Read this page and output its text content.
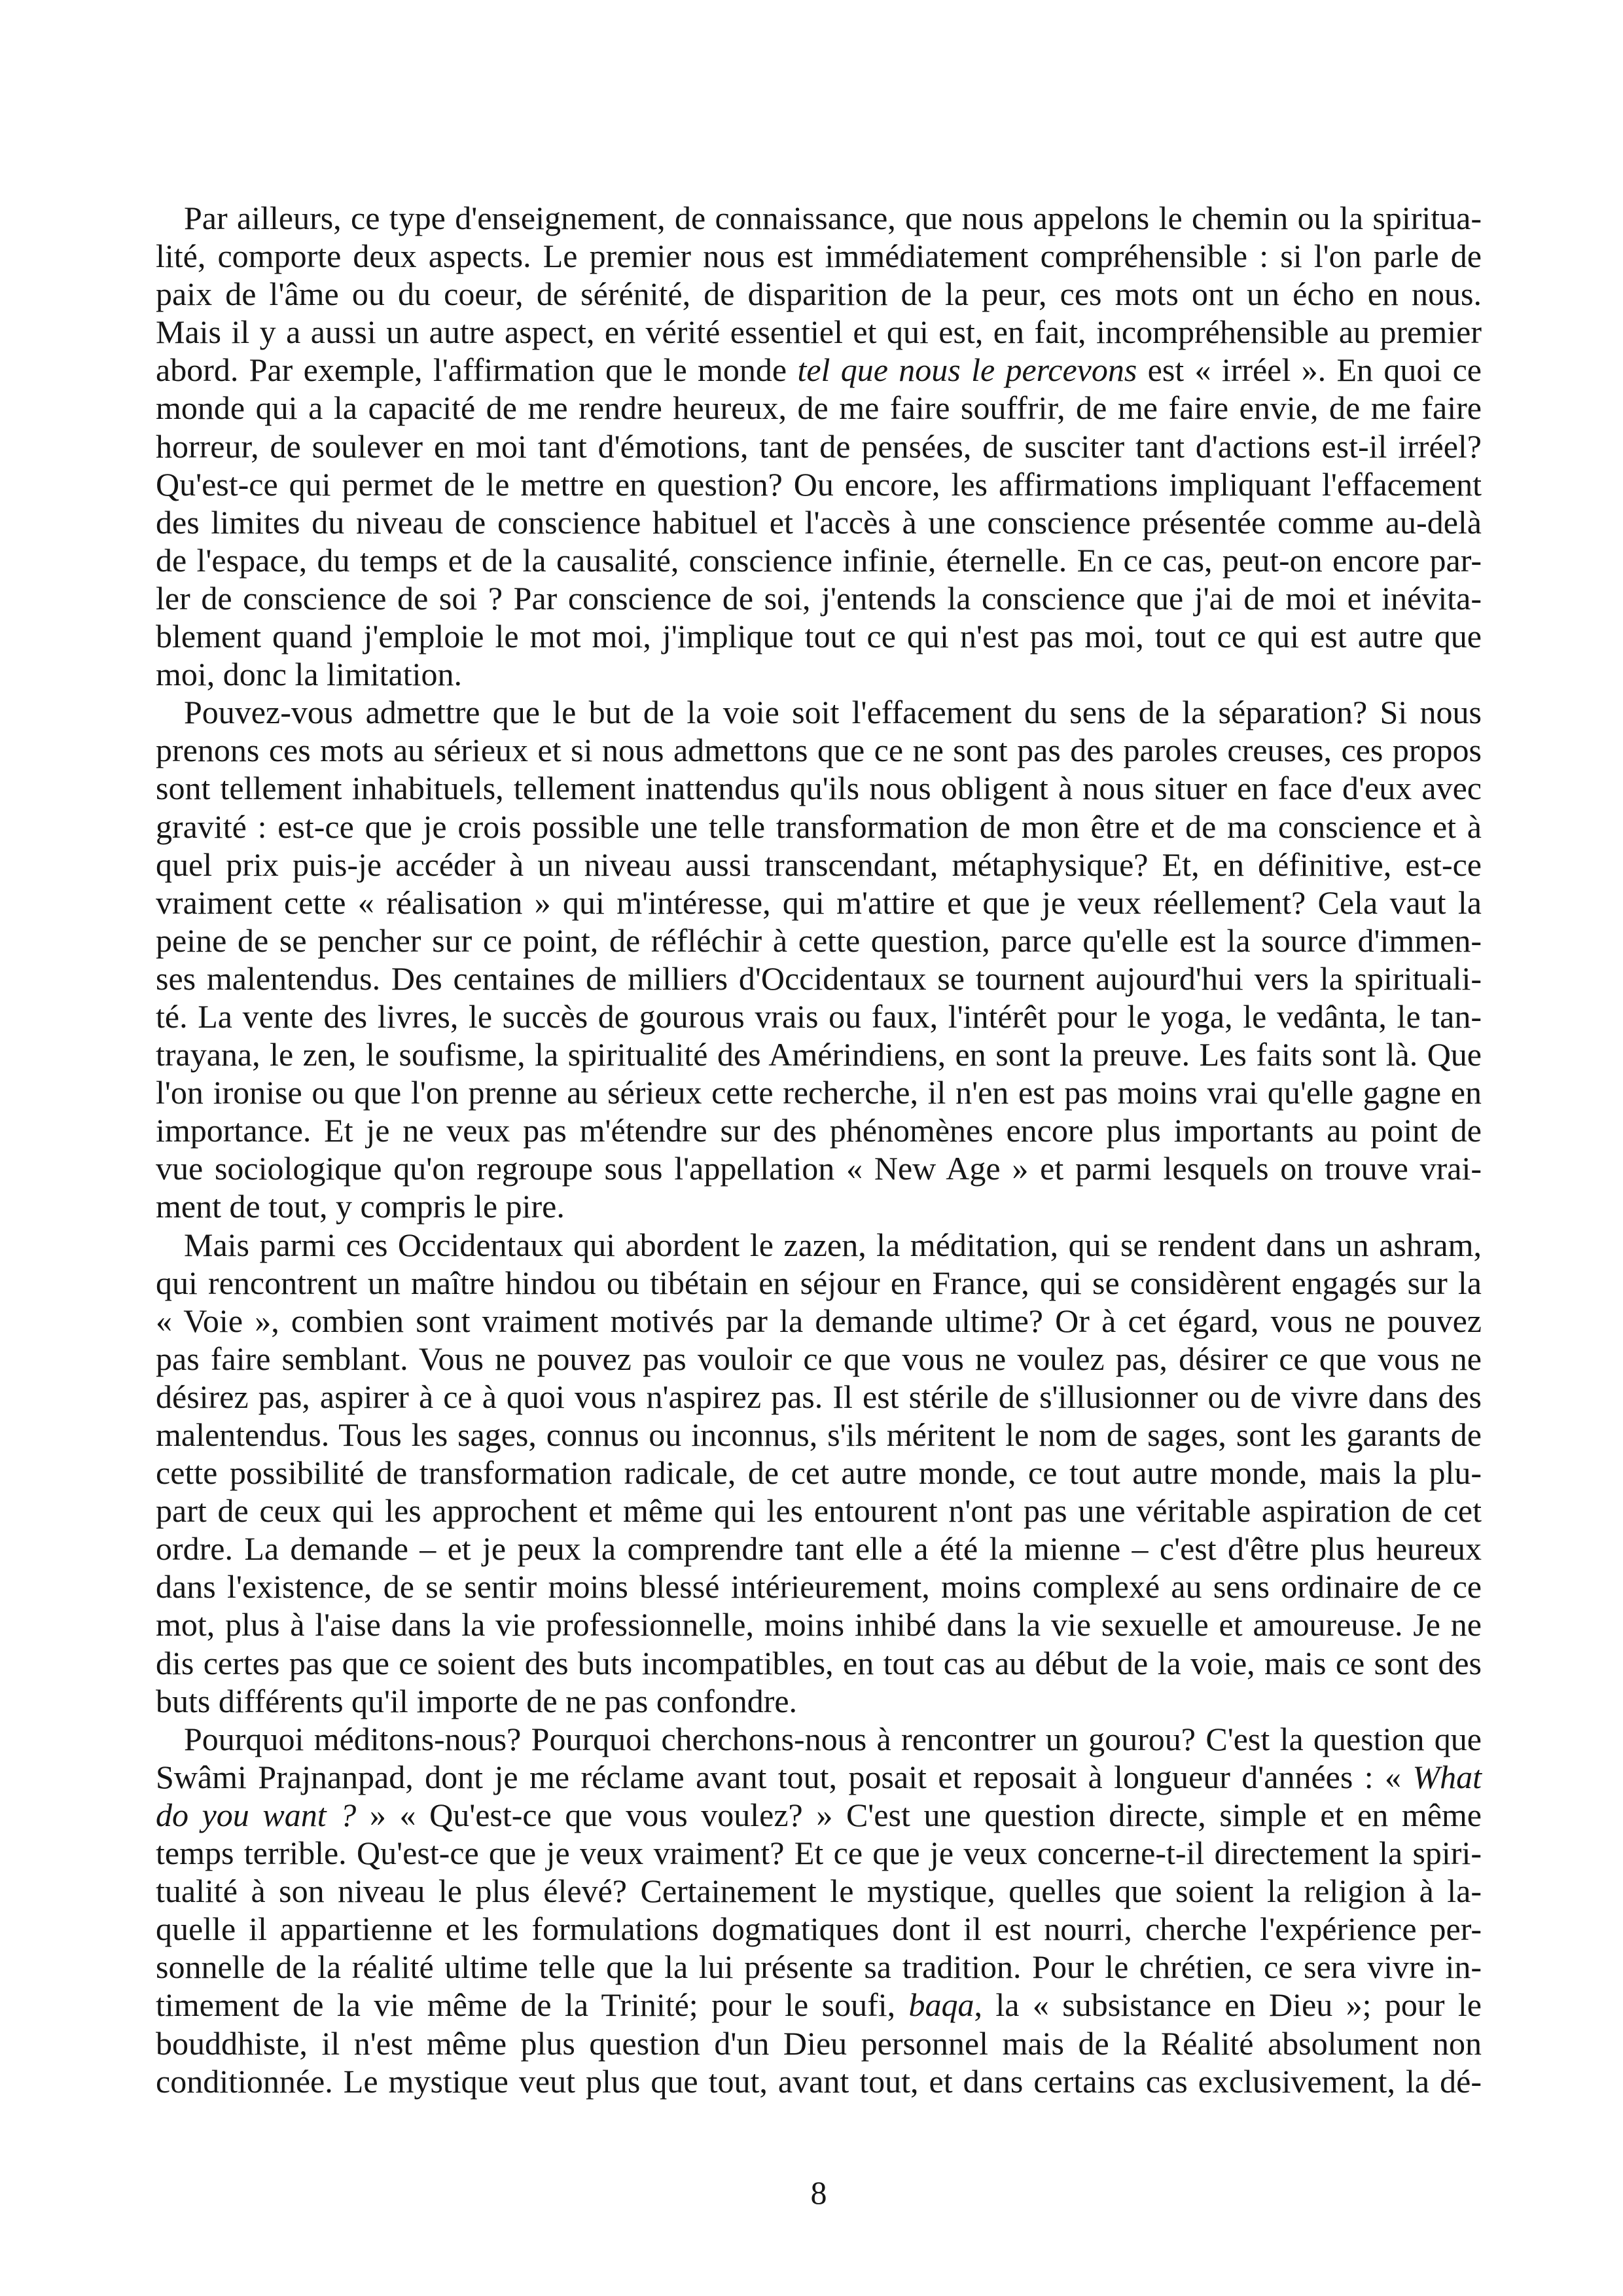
Par ailleurs, ce type d'enseignement, de connaissance, que nous appelons le chemin ou la spiritua-
lité, comporte deux aspects. Le premier nous est immédiatement compréhensible : si l'on parle de
paix de l'âme ou du coeur, de sérénité, de disparition de la peur, ces mots ont un écho en nous.
Mais il y a aussi un autre aspect, en vérité essentiel et qui est, en fait, incompréhensible au premier
abord. Par exemple, l'affirmation que le monde tel que nous le percevons est « irréel ». En quoi ce
monde qui a la capacité de me rendre heureux, de me faire souffrir, de me faire envie, de me faire
horreur, de soulever en moi tant d'émotions, tant de pensées, de susciter tant d'actions est-il irréel?
Qu'est-ce qui permet de le mettre en question? Ou encore, les affirmations impliquant l'effacement
des limites du niveau de conscience habituel et l'accès à une conscience présentée comme au-delà
de l'espace, du temps et de la causalité, conscience infinie, éternelle. En ce cas, peut-on encore par-
ler de conscience de soi ? Par conscience de soi, j'entends la conscience que j'ai de moi et inévita-
blement quand j'emploie le mot moi, j'implique tout ce qui n'est pas moi, tout ce qui est autre que
moi, donc la limitation.
Pouvez-vous admettre que le but de la voie soit l'effacement du sens de la séparation? Si nous
prenons ces mots au sérieux et si nous admettons que ce ne sont pas des paroles creuses, ces propos
sont tellement inhabituels, tellement inattendus qu'ils nous obligent à nous situer en face d'eux avec
gravité : est-ce que je crois possible une telle transformation de mon être et de ma conscience et à
quel prix puis-je accéder à un niveau aussi transcendant, métaphysique? Et, en définitive, est-ce
vraiment cette « réalisation » qui m'intéresse, qui m'attire et que je veux réellement? Cela vaut la
peine de se pencher sur ce point, de réfléchir à cette question, parce qu'elle est la source d'immen-
ses malentendus. Des centaines de milliers d'Occidentaux se tournent aujourd'hui vers la spirituali-
té. La vente des livres, le succès de gourous vrais ou faux, l'intérêt pour le yoga, le vedânta, le tan-
trayana, le zen, le soufisme, la spiritualité des Amérindiens, en sont la preuve. Les faits sont là. Que
l'on ironise ou que l'on prenne au sérieux cette recherche, il n'en est pas moins vrai qu'elle gagne en
importance. Et je ne veux pas m'étendre sur des phénomènes encore plus importants au point de
vue sociologique qu'on regroupe sous l'appellation « New Age » et parmi lesquels on trouve vrai-
ment de tout, y compris le pire.
Mais parmi ces Occidentaux qui abordent le zazen, la méditation, qui se rendent dans un ashram,
qui rencontrent un maître hindou ou tibétain en séjour en France, qui se considèrent engagés sur la
« Voie », combien sont vraiment motivés par la demande ultime? Or à cet égard, vous ne pouvez
pas faire semblant. Vous ne pouvez pas vouloir ce que vous ne voulez pas, désirer ce que vous ne
désirez pas, aspirer à ce à quoi vous n'aspirez pas. Il est stérile de s'illusionner ou de vivre dans des
malentendus. Tous les sages, connus ou inconnus, s'ils méritent le nom de sages, sont les garants de
cette possibilité de transformation radicale, de cet autre monde, ce tout autre monde, mais la plu-
part de ceux qui les approchent et même qui les entourent n'ont pas une véritable aspiration de cet
ordre. La demande – et je peux la comprendre tant elle a été la mienne – c'est d'être plus heureux
dans l'existence, de se sentir moins blessé intérieurement, moins complexé au sens ordinaire de ce
mot, plus à l'aise dans la vie professionnelle, moins inhibé dans la vie sexuelle et amoureuse. Je ne
dis certes pas que ce soient des buts incompatibles, en tout cas au début de la voie, mais ce sont des
buts différents qu'il importe de ne pas confondre.
Pourquoi méditons-nous? Pourquoi cherchons-nous à rencontrer un gourou? C'est la question que
Swâmi Prajnanpad, dont je me réclame avant tout, posait et reposait à longueur d'années : « What
do you want ? » « Qu'est-ce que vous voulez? » C'est une question directe, simple et en même
temps terrible. Qu'est-ce que je veux vraiment? Et ce que je veux concerne-t-il directement la spiri-
tualité à son niveau le plus élevé? Certainement le mystique, quelles que soient la religion à la-
quelle il appartienne et les formulations dogmatiques dont il est nourri, cherche l'expérience per-
sonnelle de la réalité ultime telle que la lui présente sa tradition. Pour le chrétien, ce sera vivre in-
timement de la vie même de la Trinité; pour le soufi, baqa, la « subsistance en Dieu »; pour le
bouddhiste, il n'est même plus question d'un Dieu personnel mais de la Réalité absolument non
conditionnée. Le mystique veut plus que tout, avant tout, et dans certains cas exclusivement, la dé-
8
